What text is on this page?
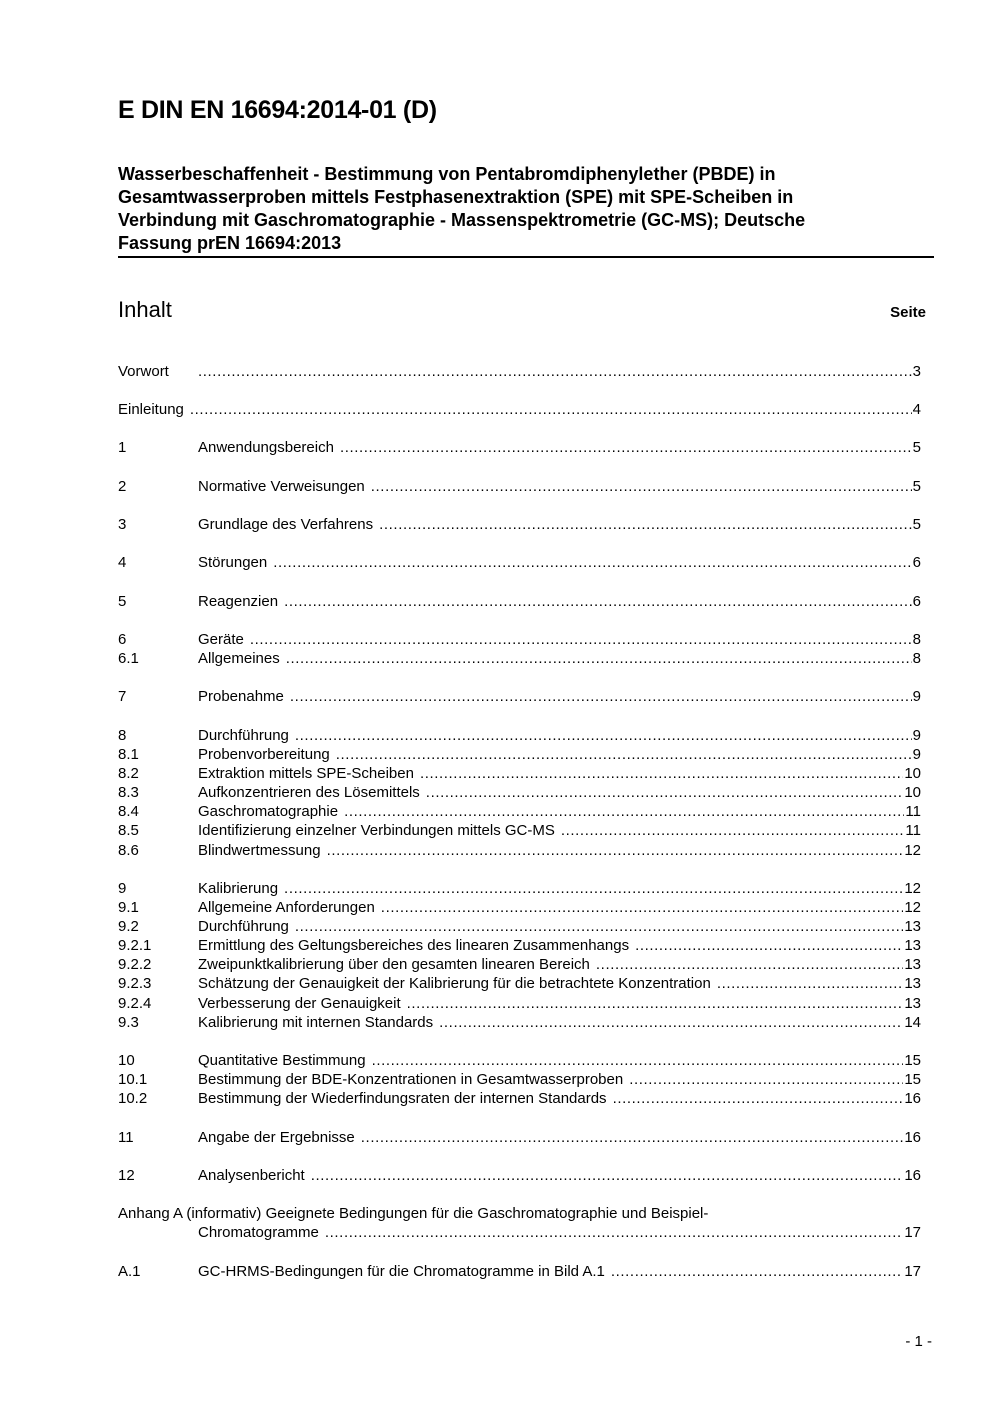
E DIN EN 16694:2014-01 (D)
Wasserbeschaffenheit - Bestimmung von Pentabromdiphenylether (PBDE) in
Gesamtwasserproben mittels Festphasenextraktion (SPE) mit SPE-Scheiben in
Verbindung mit Gaschromatographie - Massenspektrometrie (GC-MS); Deutsche
Fassung prEN 16694:2013
Inhalt	Seite
Vorwort .....	3
Einleitung .....	4
1	Anwendungsbereich .....	5
2	Normative Verweisungen .....	5
3	Grundlage des Verfahrens .....	5
4	Störungen .....	6
5	Reagenzien .....	6
6	Geräte .....	8
6.1	Allgemeines .....	8
7	Probenahme .....	9
8	Durchführung .....	9
8.1	Probenvorbereitung .....	9
8.2	Extraktion mittels SPE-Scheiben .....	10
8.3	Aufkonzentrieren des Lösemittels .....	10
8.4	Gaschromatographie .....	11
8.5	Identifizierung einzelner Verbindungen mittels GC-MS .....	11
8.6	Blindwertmessung .....	12
9	Kalibrierung .....	12
9.1	Allgemeine Anforderungen .....	12
9.2	Durchführung .....	13
9.2.1	Ermittlung des Geltungsbereiches des linearen Zusammenhangs .....	13
9.2.2	Zweipunktkalibrierung über den gesamten linearen Bereich .....	13
9.2.3	Schätzung der Genauigkeit der Kalibrierung für die betrachtete Konzentration .....	13
9.2.4	Verbesserung der Genauigkeit .....	13
9.3	Kalibrierung mit internen Standards .....	14
10	Quantitative Bestimmung .....	15
10.1	Bestimmung der BDE-Konzentrationen in Gesamtwasserproben .....	15
10.2	Bestimmung der Wiederfindungsraten der internen Standards .....	16
11	Angabe der Ergebnisse .....	16
12	Analysenbericht .....	16
Anhang A (informativ) Geeignete Bedingungen für die Gaschromatographie und Beispiel-
Chromatogramme .....	17
A.1	GC-HRMS-Bedingungen für die Chromatogramme in Bild A.1 .....	17
- 1 -
